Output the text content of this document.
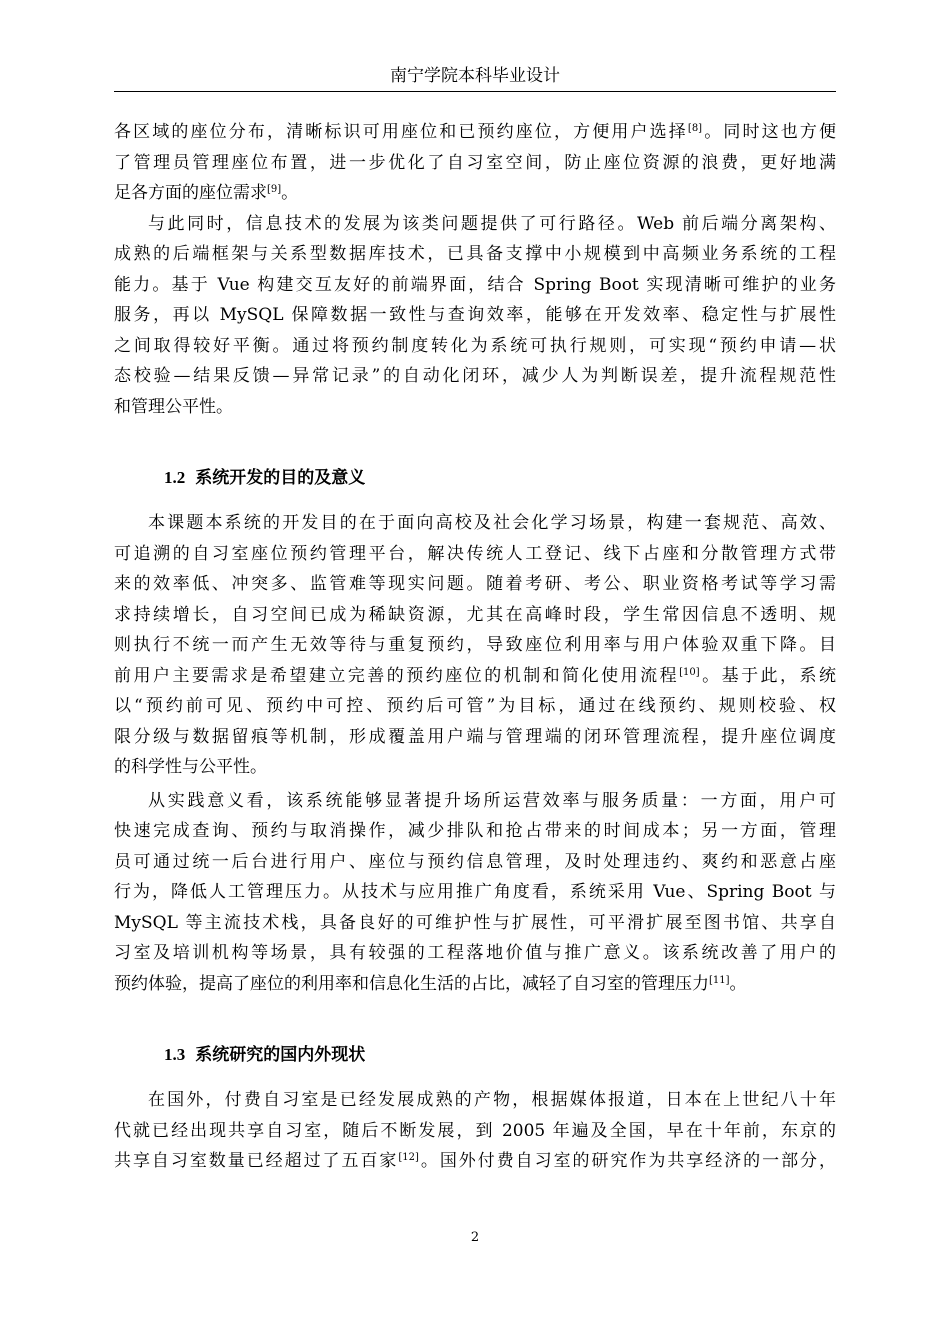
南宁学院本科毕业设计
各区域的座位分布，清晰标识可用座位和已预约座位，方便用户选择[8]。同时这也方便
了管理员管理座位布置，进一步优化了自习室空间，防止座位资源的浪费，更好地满
足各方面的座位需求[9]。
与此同时，信息技术的发展为该类问题提供了可行路径。Web 前后端分离架构、
成熟的后端框架与关系型数据库技术，已具备支撑中小规模到中高频业务系统的工程
能力。基于 Vue 构建交互友好的前端界面，结合 Spring Boot 实现清晰可维护的业务
服务，再以 MySQL 保障数据一致性与查询效率，能够在开发效率、稳定性与扩展性
之间取得较好平衡。通过将预约制度转化为系统可执行规则，可实现“预约申请—状
态校验—结果反馈—异常记录”的自动化闭环，减少人为判断误差，提升流程规范性
和管理公平性。
1.2 系统开发的目的及意义
本课题本系统的开发目的在于面向高校及社会化学习场景，构建一套规范、高效、
可追溯的自习室座位预约管理平台，解决传统人工登记、线下占座和分散管理方式带
来的效率低、冲突多、监管难等现实问题。随着考研、考公、职业资格考试等学习需
求持续增长，自习空间已成为稀缺资源，尤其在高峰时段，学生常因信息不透明、规
则执行不统一而产生无效等待与重复预约，导致座位利用率与用户体验双重下降。目
前用户主要需求是希望建立完善的预约座位的机制和简化使用流程[10]。基于此，系统
以“预约前可见、预约中可控、预约后可管”为目标，通过在线预约、规则校验、权
限分级与数据留痕等机制，形成覆盖用户端与管理端的闭环管理流程，提升座位调度
的科学性与公平性。
从实践意义看，该系统能够显著提升场所运营效率与服务质量：一方面，用户可
快速完成查询、预约与取消操作，减少排队和抢占带来的时间成本；另一方面，管理
员可通过统一后台进行用户、座位与预约信息管理，及时处理违约、爽约和恶意占座
行为，降低人工管理压力。从技术与应用推广角度看，系统采用 Vue、Spring Boot 与
MySQL 等主流技术栈，具备良好的可维护性与扩展性，可平滑扩展至图书馆、共享自
习室及培训机构等场景，具有较强的工程落地价值与推广意义。该系统改善了用户的
预约体验，提高了座位的利用率和信息化生活的占比，减轻了自习室的管理压力[11]。
1.3 系统研究的国内外现状
在国外，付费自习室是已经发展成熟的产物，根据媒体报道，日本在上世纪八十年
代就已经出现共享自习室，随后不断发展，到 2005 年遍及全国，早在十年前，东京的
共享自习室数量已经超过了五百家[12]。国外付费自习室的研究作为共享经济的一部分，
2
